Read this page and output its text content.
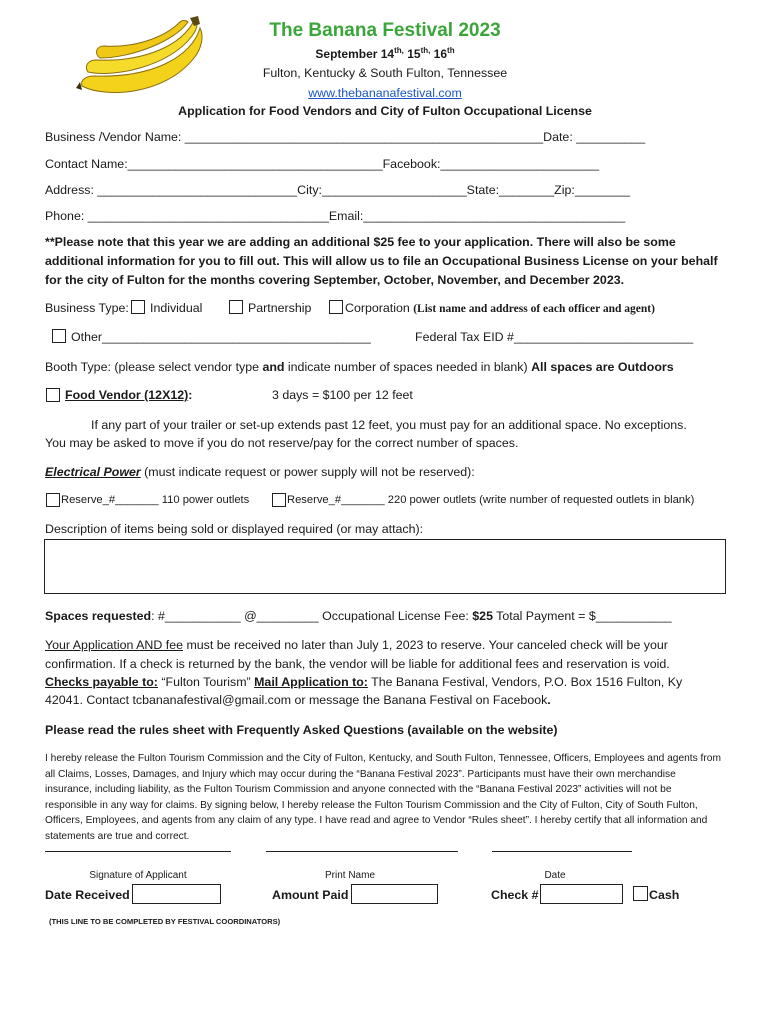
The Banana Festival 2023
September $14^{th,}$ $15^{th,}$ 16th
Fulton, Kentucky & South Fulton, Tennessee
www.thebananafestival.com
Application for Food Vendors and City of Fulton Occupational License
Business /Vendor Name: ____________________________________________________Date: __________
Contact Name:_____________________________________Facebook:_______________________
Address: _____________________________City:_____________________State:________Zip:________
Phone: ___________________________________Email:______________________________________
**Please note that this year we are adding an additional $25 fee to your application. There will also be some additional information for you to fill out. This will allow us to file an Occupational Business License on your behalf for the city of Fulton for the months covering September, October, November, and December 2023.
Business Type: Individual	Partnership	Corporation (List name and address of each officer and agent)
Other_______________________________________	Federal Tax EID #__________________________
Booth Type: (please select vendor type and indicate number of spaces needed in blank) All spaces are Outdoors
Food Vendor (12X12):	3 days = $100 per 12 feet
If any part of your trailer or set-up extends past 12 feet, you must pay for an additional space. No exceptions.
You may be asked to move if you do not reserve/pay for the correct number of spaces.
Electrical Power (must indicate request or power supply will not be reserved):
Reserve_#_______ 110 power outlets	Reserve_#_______ 220 power outlets (write number of requested outlets in blank)
Description of items being sold or displayed required (or may attach):
Spaces requested: #___________ @_________ Occupational License Fee: $25 Total Payment = $___________
Your Application AND fee must be received no later than July 1, 2023 to reserve. Your canceled check will be your
confirmation. If a check is returned by the bank, the vendor will be liable for additional fees and reservation is void.
Checks payable to: “Fulton Tourism” Mail Application to: The Banana Festival, Vendors, P.O. Box 1516 Fulton, Ky
42041. Contact tcbananafestival@gmail.com or message the Banana Festival on Facebook.
Please read the rules sheet with Frequently Asked Questions (available on the website)
I hereby release the Fulton Tourism Commission and the City of Fulton, Kentucky, and South Fulton, Tennessee, Officers, Employees and agents from all Claims, Losses, Damages, and Injury which may occur during the “Banana Festival 2023”. Participants must have their own merchandise insurance, including liability, as the Fulton Tourism Commission and anyone connected with the “Banana Festival 2023” activities will not be responsible in any way for claims. By signing below, I hereby release the Fulton Tourism Commission and the City of Fulton, City of South Fulton, Officers, Employees, and agents from any claim of any type. I have read and agree to Vendor “Rules sheet”. I hereby certify that all information and statements are true and correct.
Signature of Applicant	Print Name	Date
Date Received	Amount Paid	Check #	Cash
(THIS LINE TO BE COMPLETED BY FESTIVAL COORDINATORS)
